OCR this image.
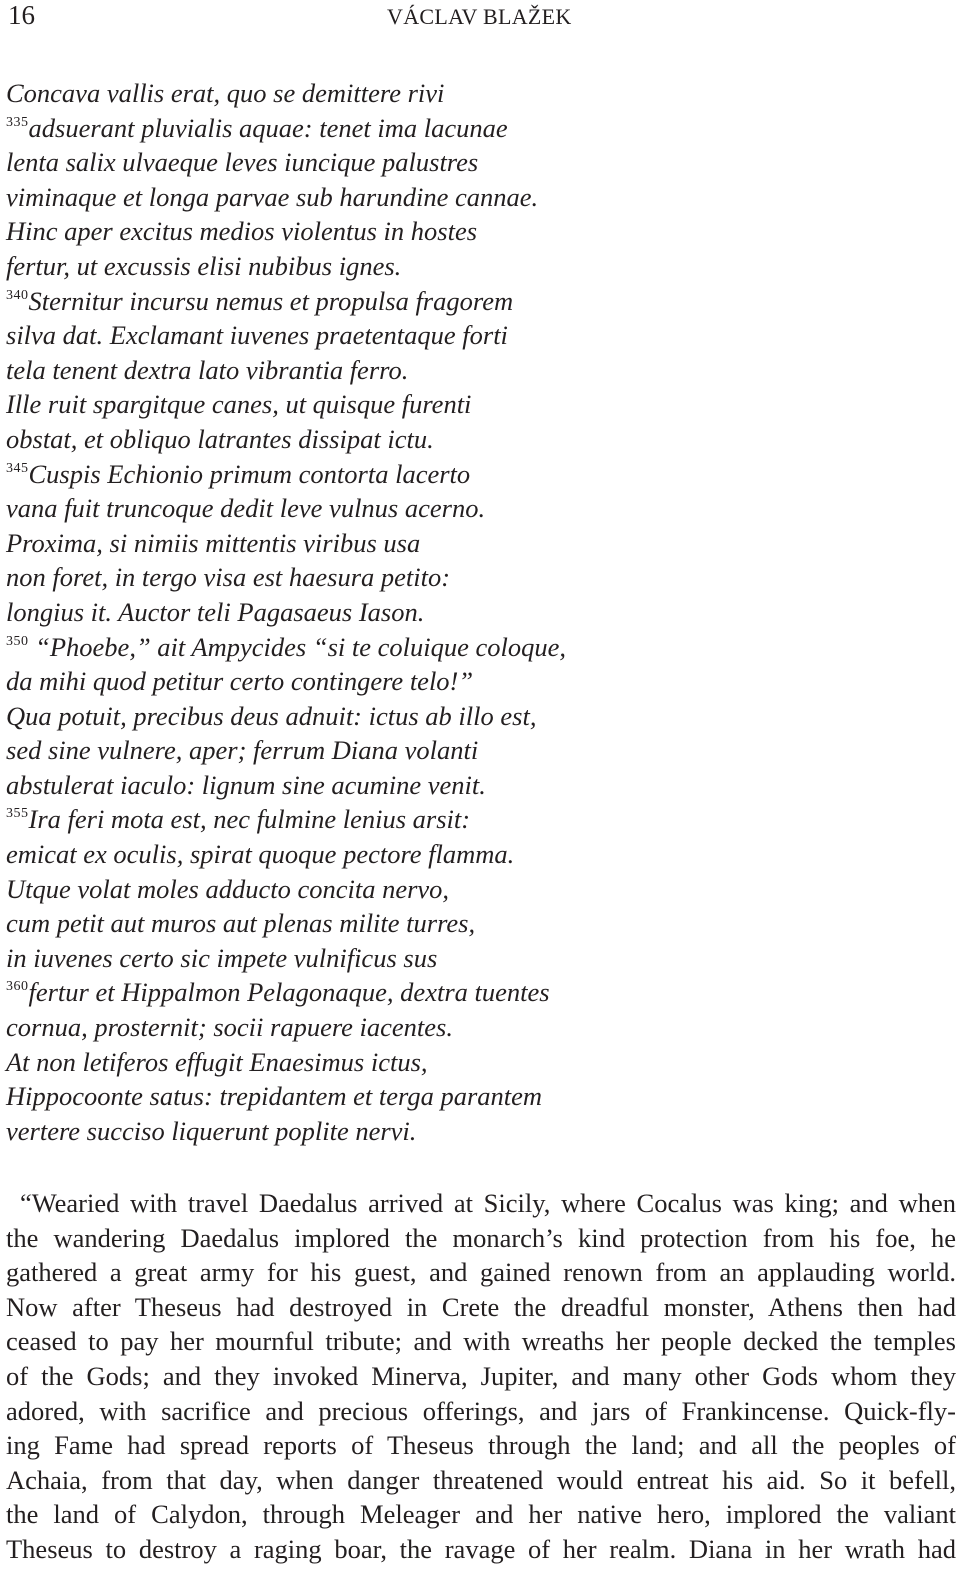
16	VÁCLAV BLAŽEK
Concava vallis erat, quo se demittere rivi
$^{335}$adsuerant pluvialis aquae: tenet ima lacunae
lenta salix ulvaeque leves iuncique palustres
viminaque et longa parvae sub harundine cannae.
Hinc aper excitus medios violentus in hostes
fertur, ut excussis elisi nubibus ignes.
$^{340}$Sternitur incursu nemus et propulsa fragorem
silva dat. Exclamant iuvenes praetentaque forti
tela tenent dextra lato vibrantia ferro.
Ille ruit spargitque canes, ut quisque furenti
obstat, et obliquo latrantes dissipat ictu.
$^{345}$Cuspis Echionio primum contorta lacerto
vana fuit truncoque dedit leve vulnus acerno.
Proxima, si nimiis mittentis viribus usa
non foret, in tergo visa est haesura petito:
longius it. Auctor teli Pagasaeus Iason.
$^{350}$ “Phoebe,” ait Ampycides “si te coluique coloque,
da mihi quod petitur certo contingere telo!”
Qua potuit, precibus deus adnuit: ictus ab illo est,
sed sine vulnere, aper; ferrum Diana volanti
abstulerat iaculo: lignum sine acumine venit.
$^{355}$Ira feri mota est, nec fulmine lenius arsit:
emicat ex oculis, spirat quoque pectore flamma.
Utque volat moles adducto concita nervo,
cum petit aut muros aut plenas milite turres,
in iuvenes certo sic impete vulnificus sus
$^{360}$fertur et Hippalmon Pelagonaque, dextra tuentes
cornua, prosternit; socii rapuere iacentes.
At non letiferos effugit Enaesimus ictus,
Hippocoonte satus: trepidantem et terga parantem
vertere succiso liquerunt poplite nervi.
“Wearied with travel Daedalus arrived at Sicily, where Cocalus was king; and when
the wandering Daedalus implored the monarch’s kind protection from his foe, he
gathered a great army for his guest, and gained renown from an applauding world.
Now after Theseus had destroyed in Crete the dreadful monster, Athens then had
ceased to pay her mournful tribute; and with wreaths her people decked the temples
of the Gods; and they invoked Minerva, Jupiter, and many other Gods whom they
adored, with sacrifice and precious offerings, and jars of Frankincense. Quick-fly-
ing Fame had spread reports of Theseus through the land; and all the peoples of
Achaia, from that day, when danger threatened would entreat his aid. So it befell,
the land of Calydon, through Meleager and her native hero, implored the valiant
Theseus to destroy a raging boar, the ravage of her realm. Diana in her wrath had
